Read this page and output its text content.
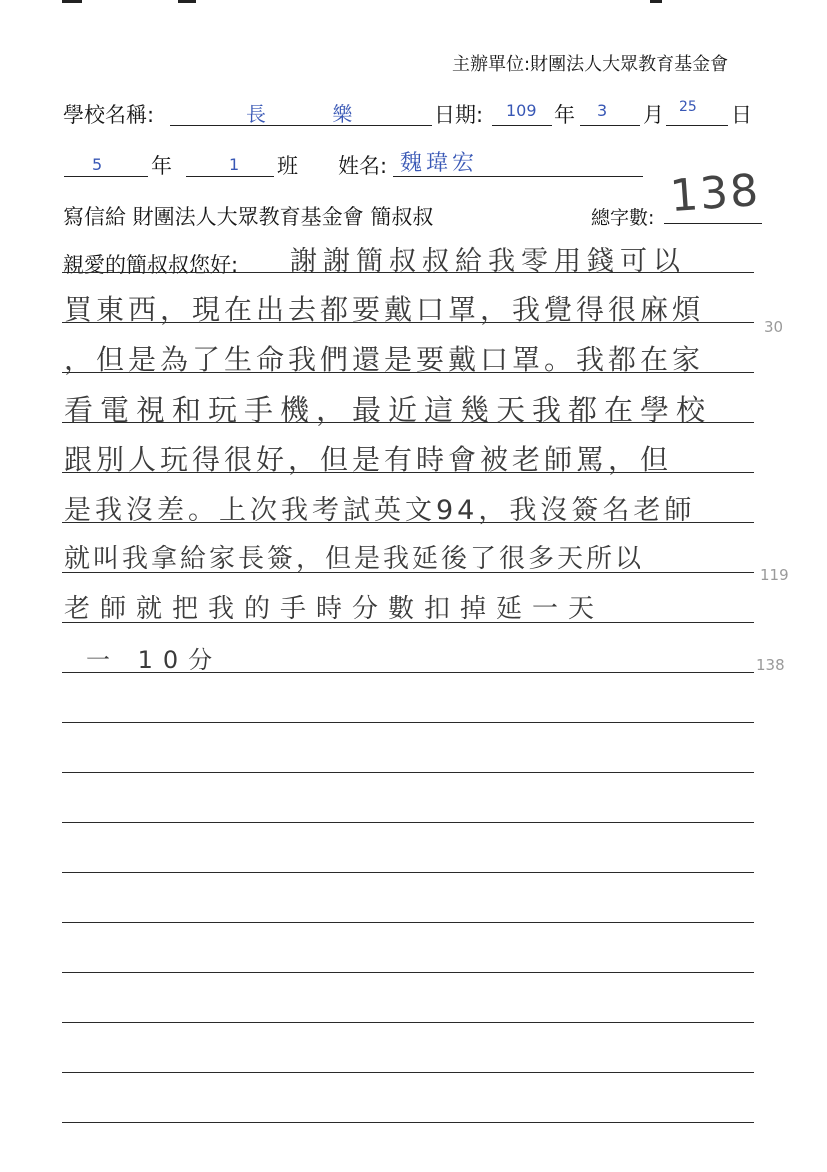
主辦單位:財團法人大眾教育基金會
學校名稱:	長 樂 日期: 109 年 3 月 25 日
5 年	1 班 姓名: 魏瑋宏
寫信給 財團法人大眾教育基金會 簡叔叔	總字數: 138
親愛的簡叔叔您好: 謝謝簡叔叔給我零用錢可以
買東西，現在出去都要戴口罩，我覺得很麻煩
，但是為了生命我們還是要戴口罩。我都在家
看電視和玩手機，最近這幾天我都在學校
跟別人玩得很好，但是有時會被老師罵，但
是我沒差。上次我考試英文94，我沒簽名老師
就叫我拿給家長簽，但是我延後了很多天所以
老師就把我的手時分數扣掉延一天
一 10分
30
119
138
